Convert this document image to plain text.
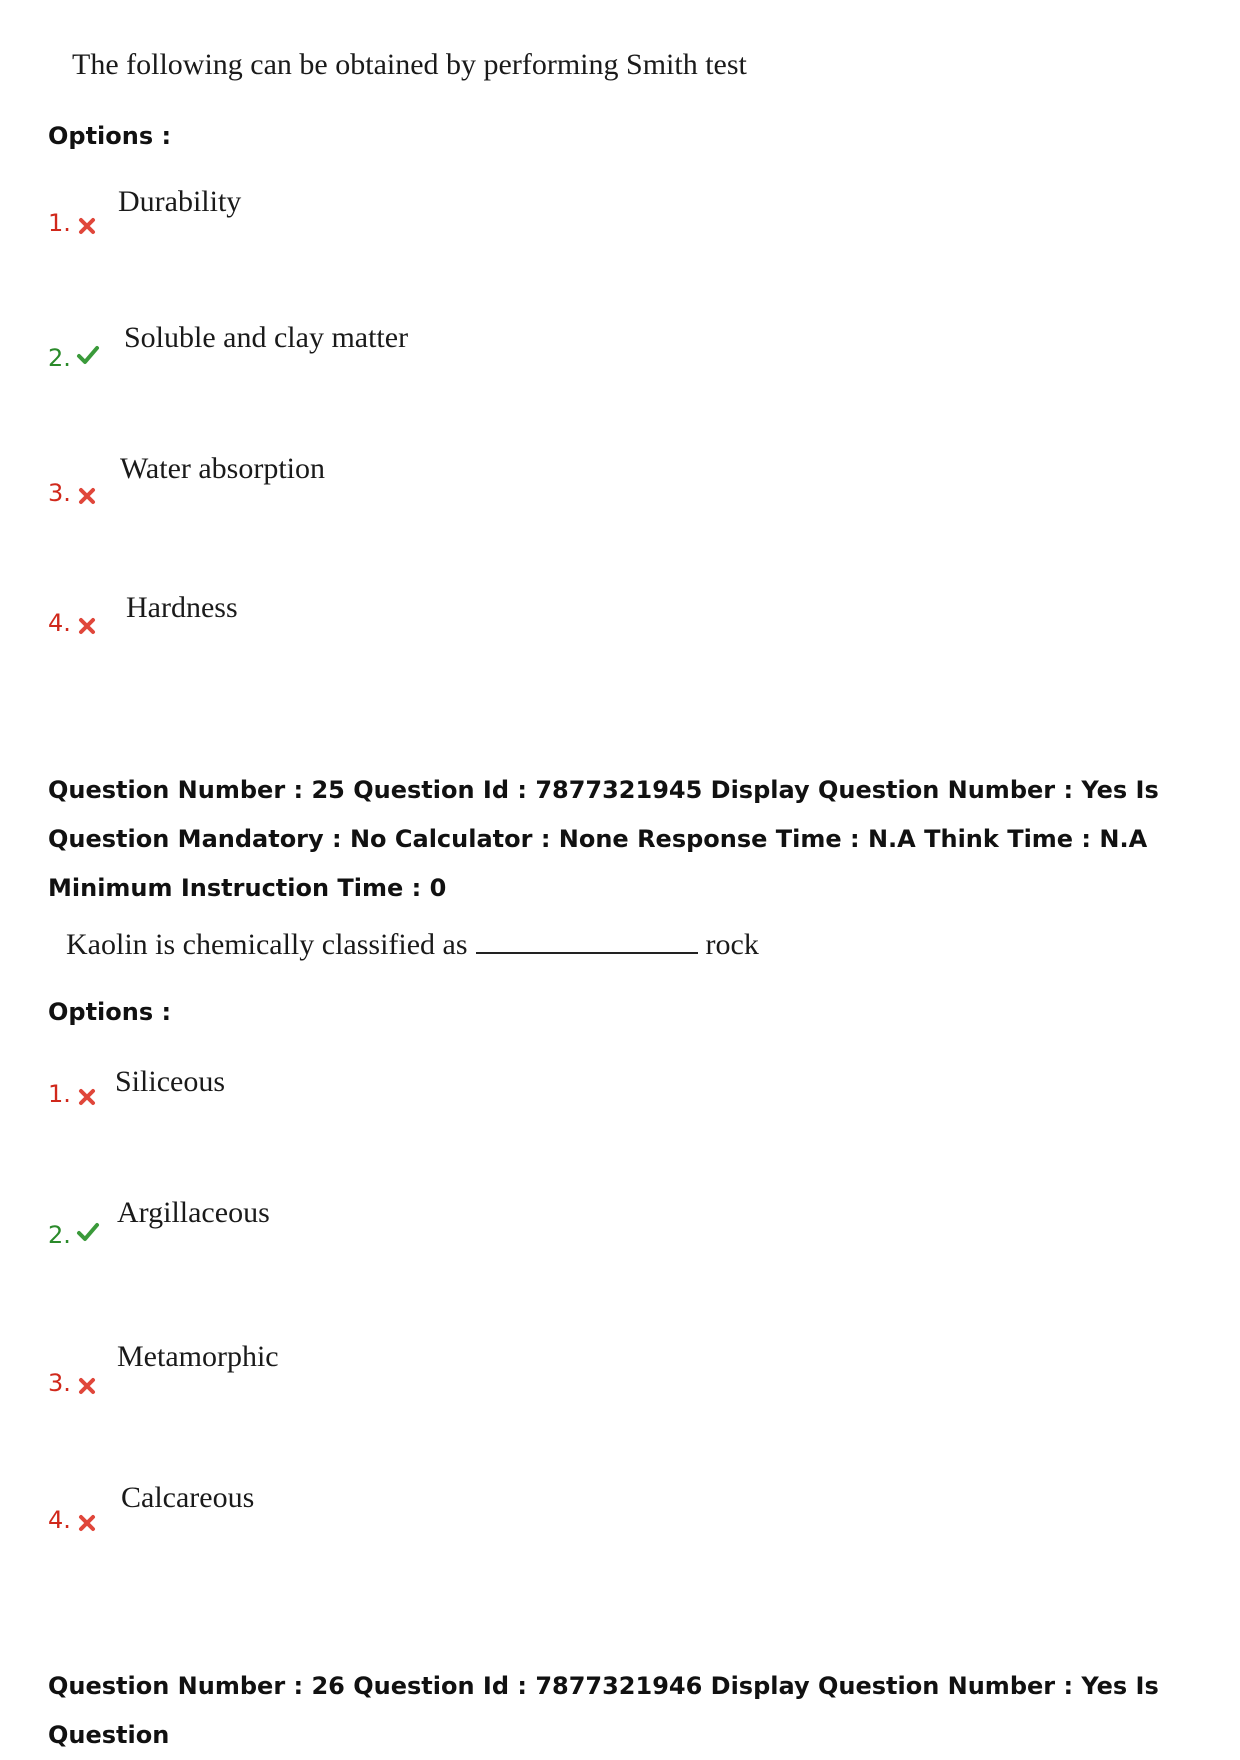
The following can be obtained by performing Smith test
Options :
1.
Durability
2.
Soluble and clay matter
3.
Water absorption
4. Hardness
Question Number : 25 Question Id : 7877321945 Display Question Number : Yes Is Question Mandatory : No Calculator : None Response Time : N.A Think Time : N.A Minimum Instruction Time : 0
Kaolin is chemically classified as	rock
Options :
1. Siliceous
2.
Argillaceous
3.
Metamorphic
4.
Calcareous
Question Number : 26 Question Id : 7877321946 Display Question Number : Yes Is Question
